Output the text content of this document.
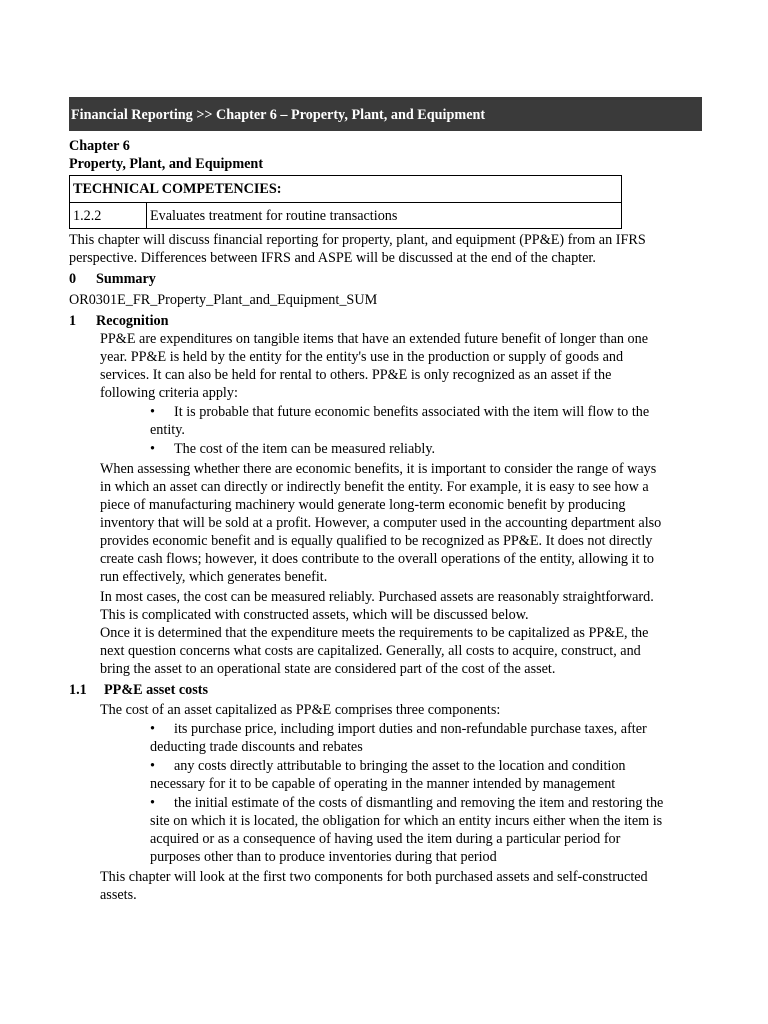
Financial Reporting >> Chapter 6 – Property, Plant, and Equipment
Chapter 6
Property, Plant, and Equipment
TECHNICAL COMPETENCIES:
1.2.2	Evaluates treatment for routine transactions
This chapter will discuss financial reporting for property, plant, and equipment (PP&E) from an IFRS
perspective. Differences between IFRS and ASPE will be discussed at the end of the chapter.
0 Summary
OR0301E_FR_Property_Plant_and_Equipment_SUM
1 Recognition
PP&E are expenditures on tangible items that have an extended future benefit of longer than one
year. PP&E is held by the entity for the entity's use in the production or supply of goods and
services. It can also be held for rental to others. PP&E is only recognized as an asset if the
following criteria apply:
• It is probable that future economic benefits associated with the item will flow to the
entity.
• The cost of the item can be measured reliably.
When assessing whether there are economic benefits, it is important to consider the range of ways
in which an asset can directly or indirectly benefit the entity. For example, it is easy to see how a
piece of manufacturing machinery would generate long-term economic benefit by producing
inventory that will be sold at a profit. However, a computer used in the accounting department also
provides economic benefit and is equally qualified to be recognized as PP&E. It does not directly
create cash flows; however, it does contribute to the overall operations of the entity, allowing it to
run effectively, which generates benefit.
In most cases, the cost can be measured reliably. Purchased assets are reasonably straightforward.
This is complicated with constructed assets, which will be discussed below.
Once it is determined that the expenditure meets the requirements to be capitalized as PP&E, the
next question concerns what costs are capitalized. Generally, all costs to acquire, construct, and
bring the asset to an operational state are considered part of the cost of the asset.
1.1 PP&E asset costs
The cost of an asset capitalized as PP&E comprises three components:
• its purchase price, including import duties and non-refundable purchase taxes, after
deducting trade discounts and rebates
• any costs directly attributable to bringing the asset to the location and condition
necessary for it to be capable of operating in the manner intended by management
• the initial estimate of the costs of dismantling and removing the item and restoring the
site on which it is located, the obligation for which an entity incurs either when the item is
acquired or as a consequence of having used the item during a particular period for
purposes other than to produce inventories during that period
This chapter will look at the first two components for both purchased assets and self-constructed
assets.
